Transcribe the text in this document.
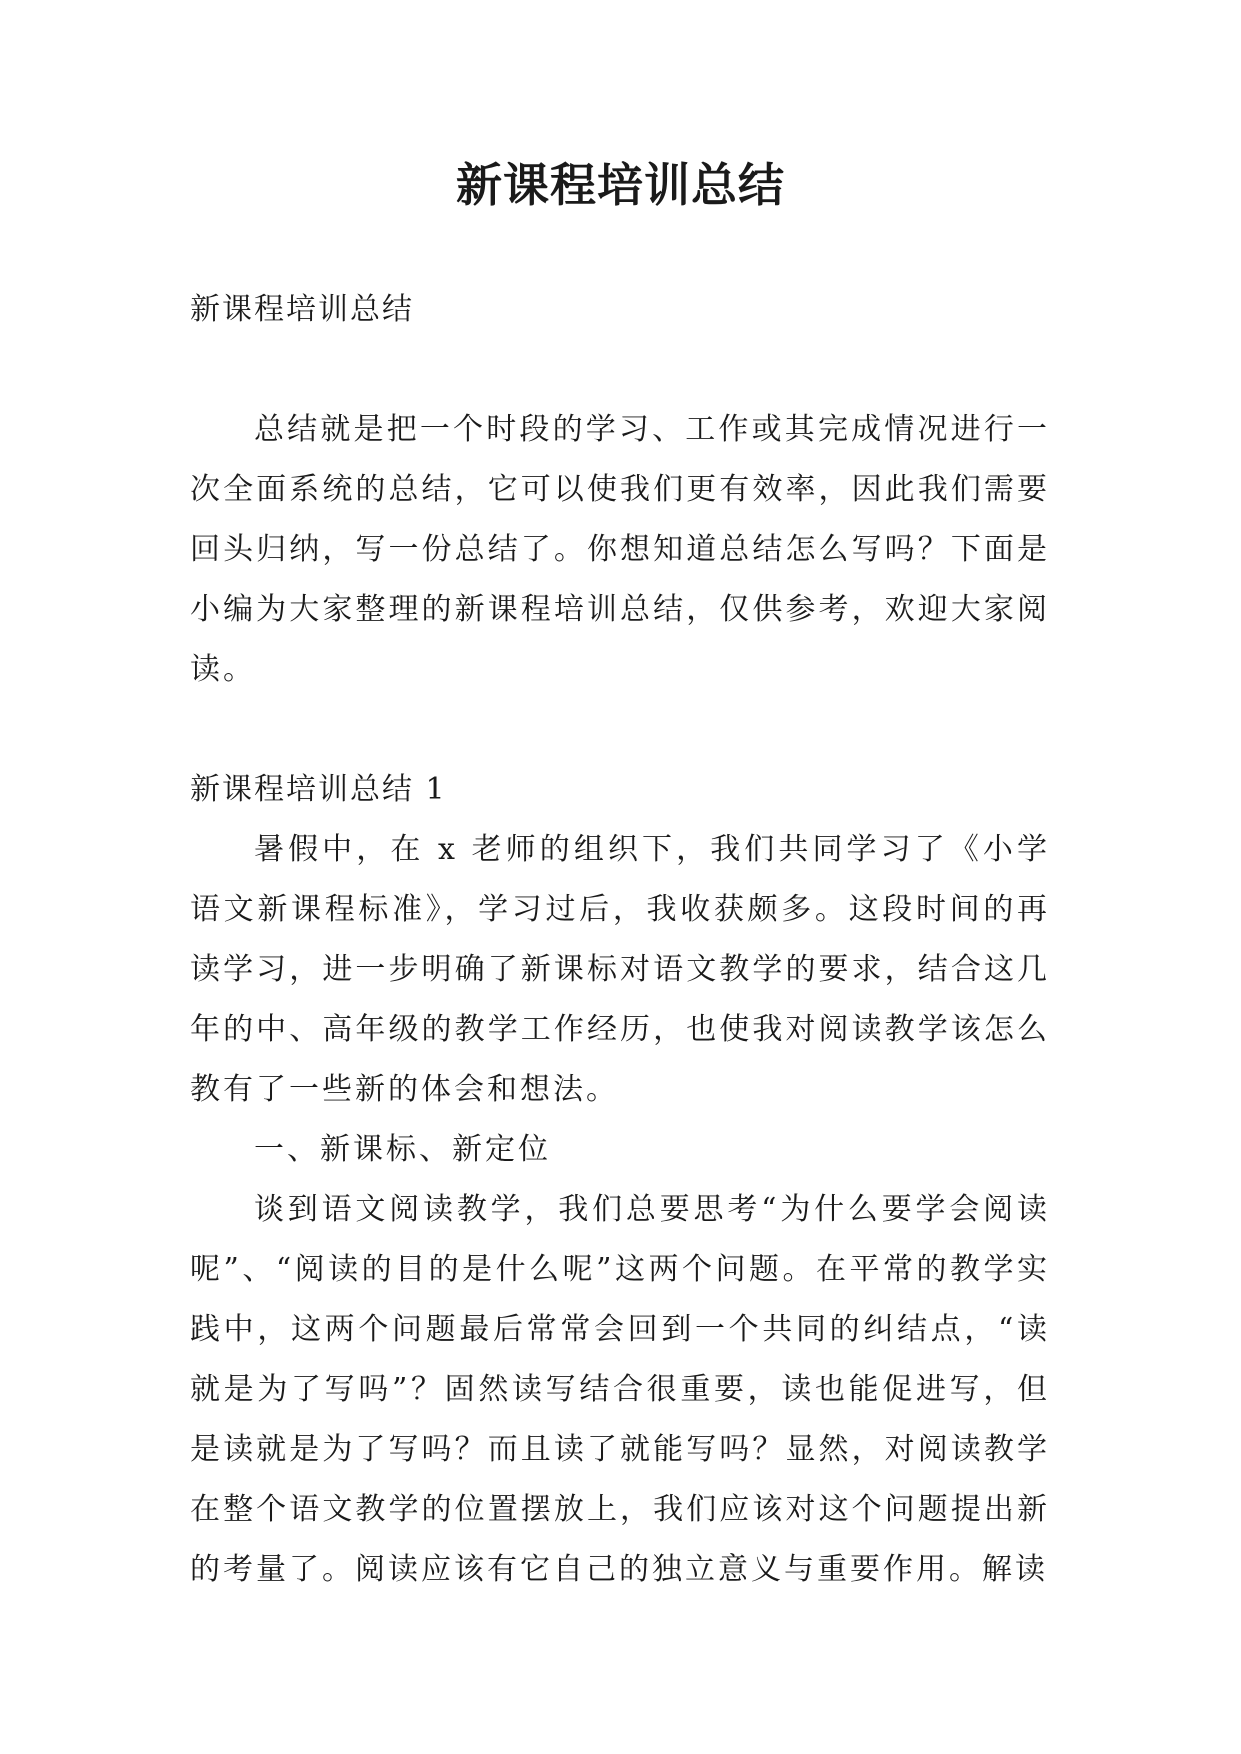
新课程培训总结

新课程培训总结

总结就是把一个时段的学习、工作或其完成情况进行一次全面系统的总结，它可以使我们更有效率，因此我们需要回头归纳，写一份总结了。你想知道总结怎么写吗？下面是小编为大家整理的新课程培训总结，仅供参考，欢迎大家阅读。

新课程培训总结 1

暑假中，在 x 老师的组织下，我们共同学习了《小学语文新课程标准》，学习过后，我收获颇多。这段时间的再读学习，进一步明确了新课标对语文教学的要求，结合这几年的中、高年级的教学工作经历，也使我对阅读教学该怎么教有了一些新的体会和想法。

一、新课标、新定位

谈到语文阅读教学，我们总要思考“为什么要学会阅读呢”、“阅读的目的是什么呢”这两个问题。在平常的教学实践中，这两个问题最后常常会回到一个共同的纠结点，“读就是为了写吗”？固然读写结合很重要，读也能促进写，但是读就是为了写吗？而且读了就能写吗？显然，对阅读教学在整个语文教学的位置摆放上，我们应该对这个问题提出新的考量了。阅读应该有它自己的独立意义与重要作用。解读
